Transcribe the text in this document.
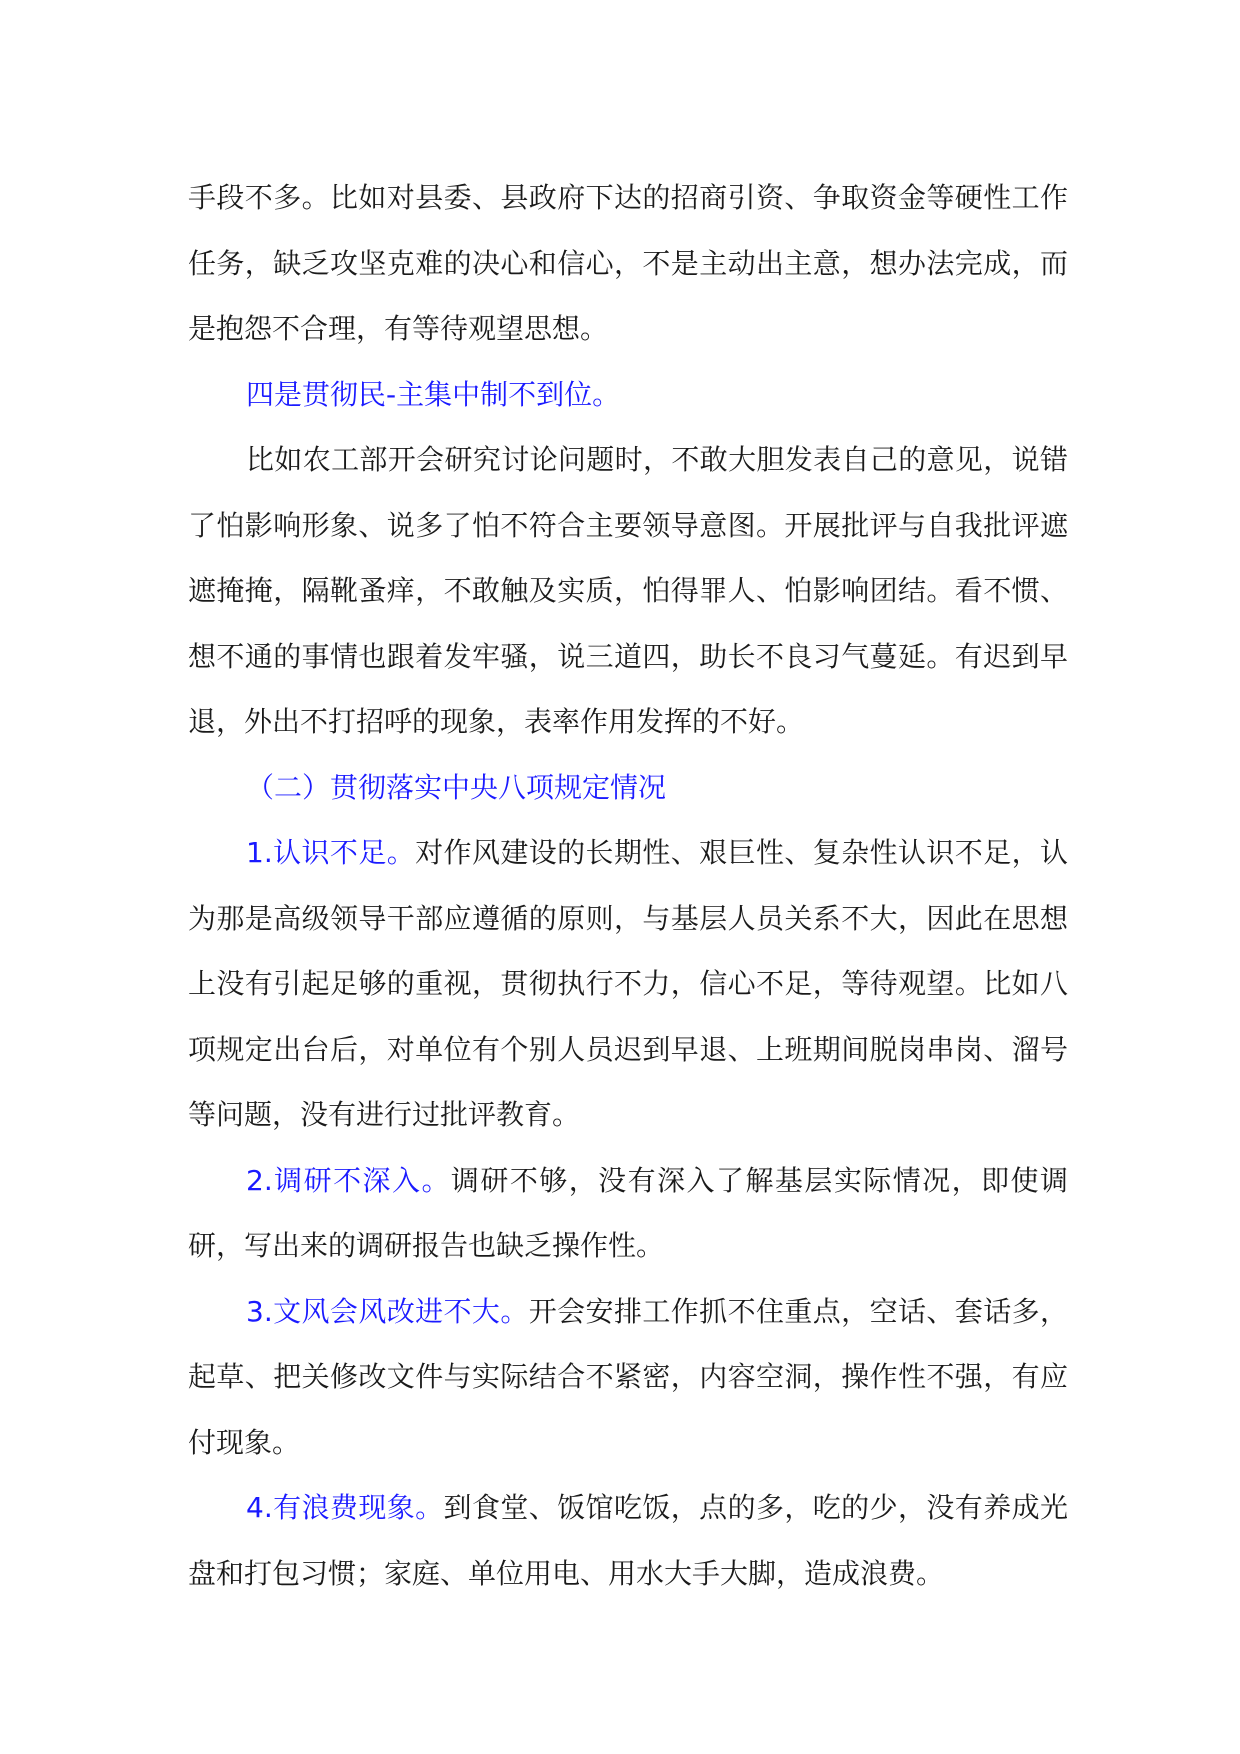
手段不多。比如对县委、县政府下达的招商引资、争取资金等硬性工作任务，缺乏攻坚克难的决心和信心，不是主动出主意，想办法完成，而是抱怨不合理，有等待观望思想。

四是贯彻民-主集中制不到位。

比如农工部开会研究讨论问题时，不敢大胆发表自己的意见，说错了怕影响形象、说多了怕不符合主要领导意图。开展批评与自我批评遮遮掩掩，隔靴蚤痒，不敢触及实质，怕得罪人、怕影响团结。看不惯、想不通的事情也跟着发牢骚，说三道四，助长不良习气蔓延。有迟到早退，外出不打招呼的现象，表率作用发挥的不好。

（二）贯彻落实中央八项规定情况

1.认识不足。对作风建设的长期性、艰巨性、复杂性认识不足，认为那是高级领导干部应遵循的原则，与基层人员关系不大，因此在思想上没有引起足够的重视，贯彻执行不力，信心不足，等待观望。比如八项规定出台后，对单位有个别人员迟到早退、上班期间脱岗串岗、溜号等问题，没有进行过批评教育。

2.调研不深入。调研不够，没有深入了解基层实际情况，即使调研，写出来的调研报告也缺乏操作性。

3.文风会风改进不大。开会安排工作抓不住重点，空话、套话多，起草、把关修改文件与实际结合不紧密，内容空洞，操作性不强，有应付现象。

4.有浪费现象。到食堂、饭馆吃饭，点的多，吃的少，没有养成光盘和打包习惯；家庭、单位用电、用水大手大脚，造成浪费。
